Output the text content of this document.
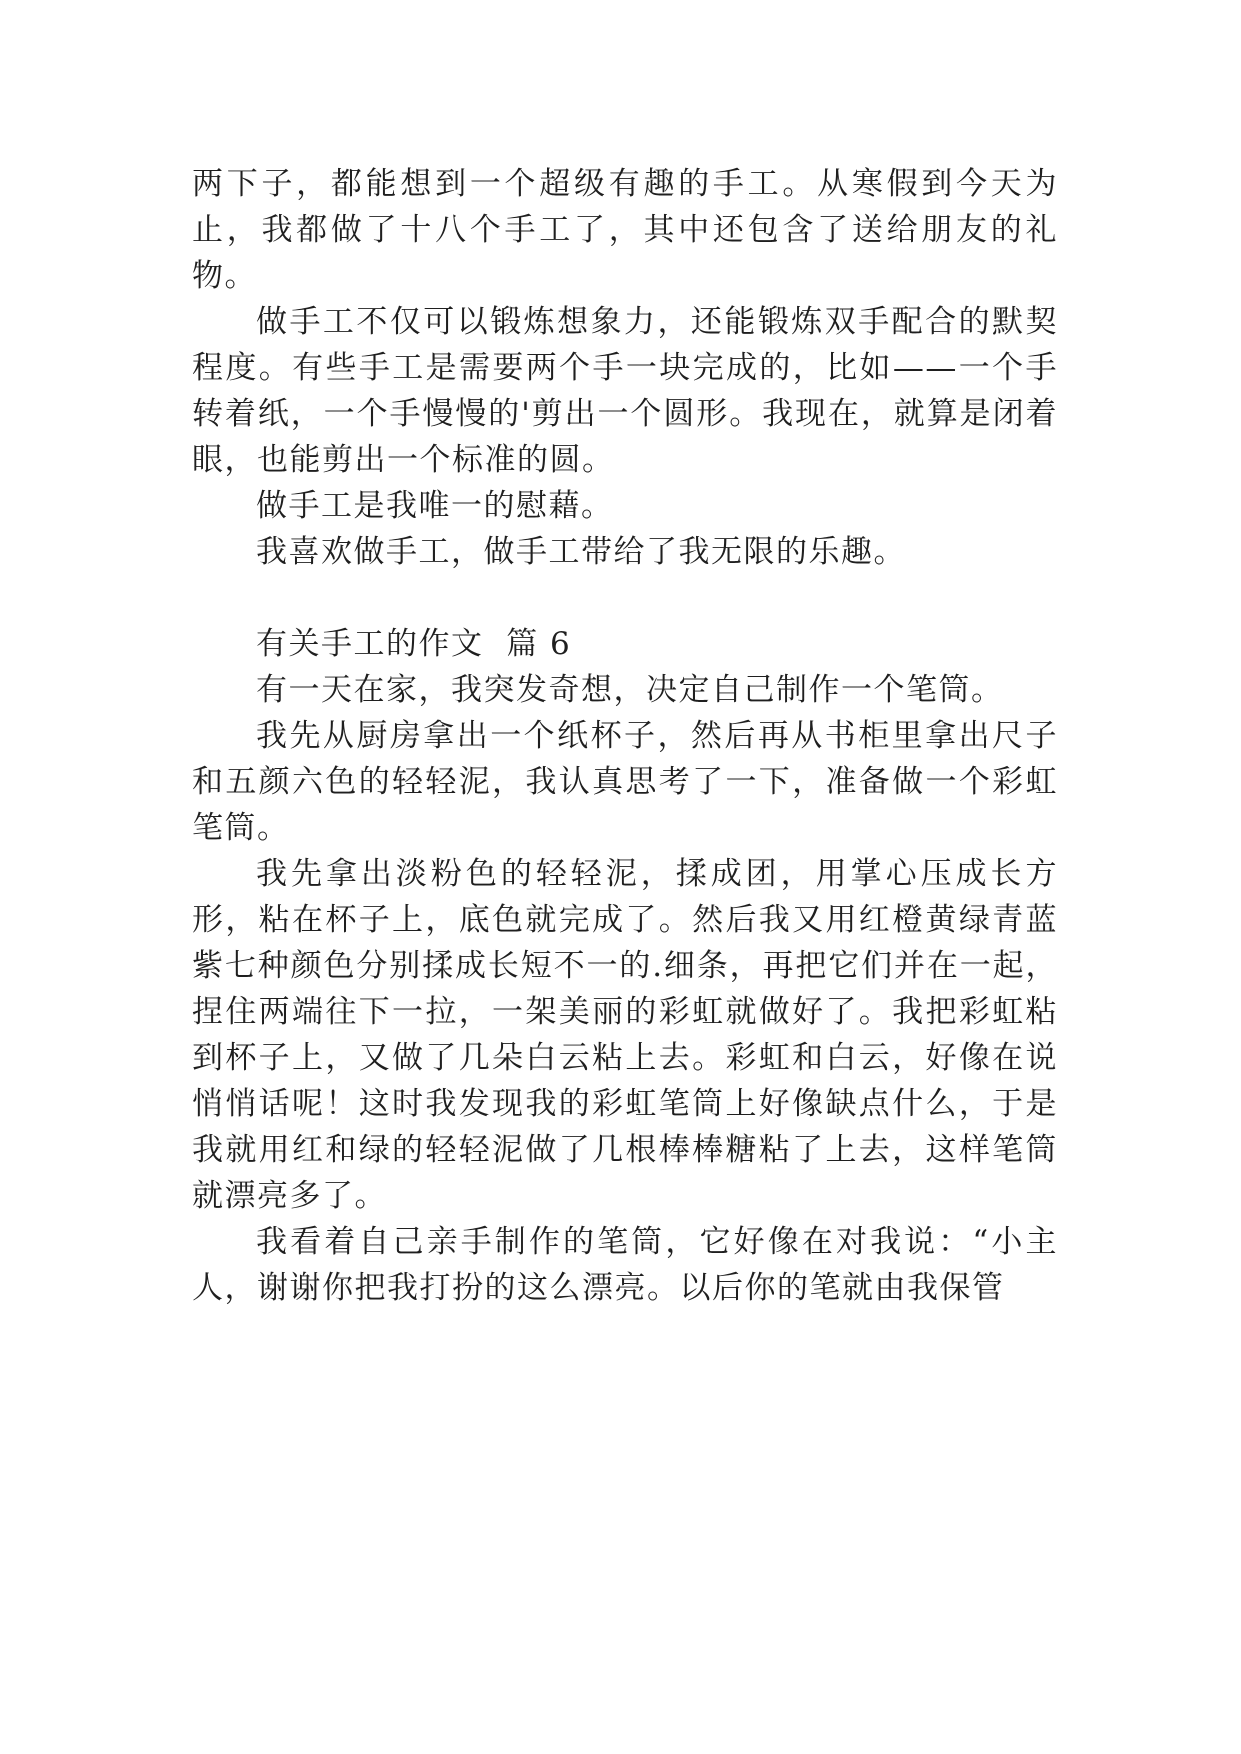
两下子，都能想到一个超级有趣的手工。从寒假到今天为止，我都做了十八个手工了，其中还包含了送给朋友的礼物。

做手工不仅可以锻炼想象力，还能锻炼双手配合的默契程度。有些手工是需要两个手一块完成的，比如——一个手转着纸，一个手慢慢的'剪出一个圆形。我现在，就算是闭着眼，也能剪出一个标准的圆。

做手工是我唯一的慰藉。

我喜欢做手工，做手工带给了我无限的乐趣。

有关手工的作文  篇 6

有一天在家，我突发奇想，决定自己制作一个笔筒。

我先从厨房拿出一个纸杯子，然后再从书柜里拿出尺子和五颜六色的轻轻泥，我认真思考了一下，准备做一个彩虹笔筒。

我先拿出淡粉色的轻轻泥，揉成团，用掌心压成长方形，粘在杯子上，底色就完成了。然后我又用红橙黄绿青蓝紫七种颜色分别揉成长短不一的.细条，再把它们并在一起，捏住两端往下一拉，一架美丽的彩虹就做好了。我把彩虹粘到杯子上，又做了几朵白云粘上去。彩虹和白云，好像在说悄悄话呢！这时我发现我的彩虹笔筒上好像缺点什么，于是我就用红和绿的轻轻泥做了几根棒棒糖粘了上去，这样笔筒就漂亮多了。

我看着自己亲手制作的笔筒，它好像在对我说：“小主人，谢谢你把我打扮的这么漂亮。以后你的笔就由我保管
